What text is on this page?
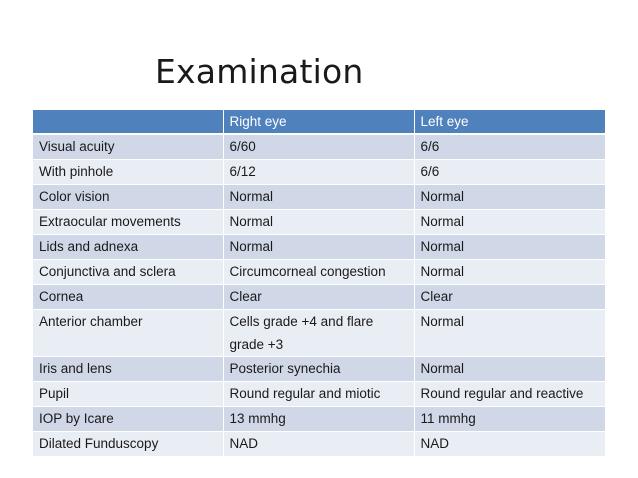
Examination
	Right eye	Left eye
Visual acuity	6/60	6/6
With pinhole	6/12	6/6
Color vision	Normal	Normal
Extraocular movements	Normal	Normal
Lids and adnexa	Normal	Normal
Conjunctiva and sclera	Circumcorneal congestion	Normal
Cornea	Clear	Clear
Anterior chamber	Cells grade +4 and flare grade +3	Normal
Iris and lens	Posterior synechia	Normal
Pupil	Round regular and miotic	Round regular and reactive
IOP by Icare	13 mmhg	11 mmhg
Dilated Funduscopy	NAD	NAD
